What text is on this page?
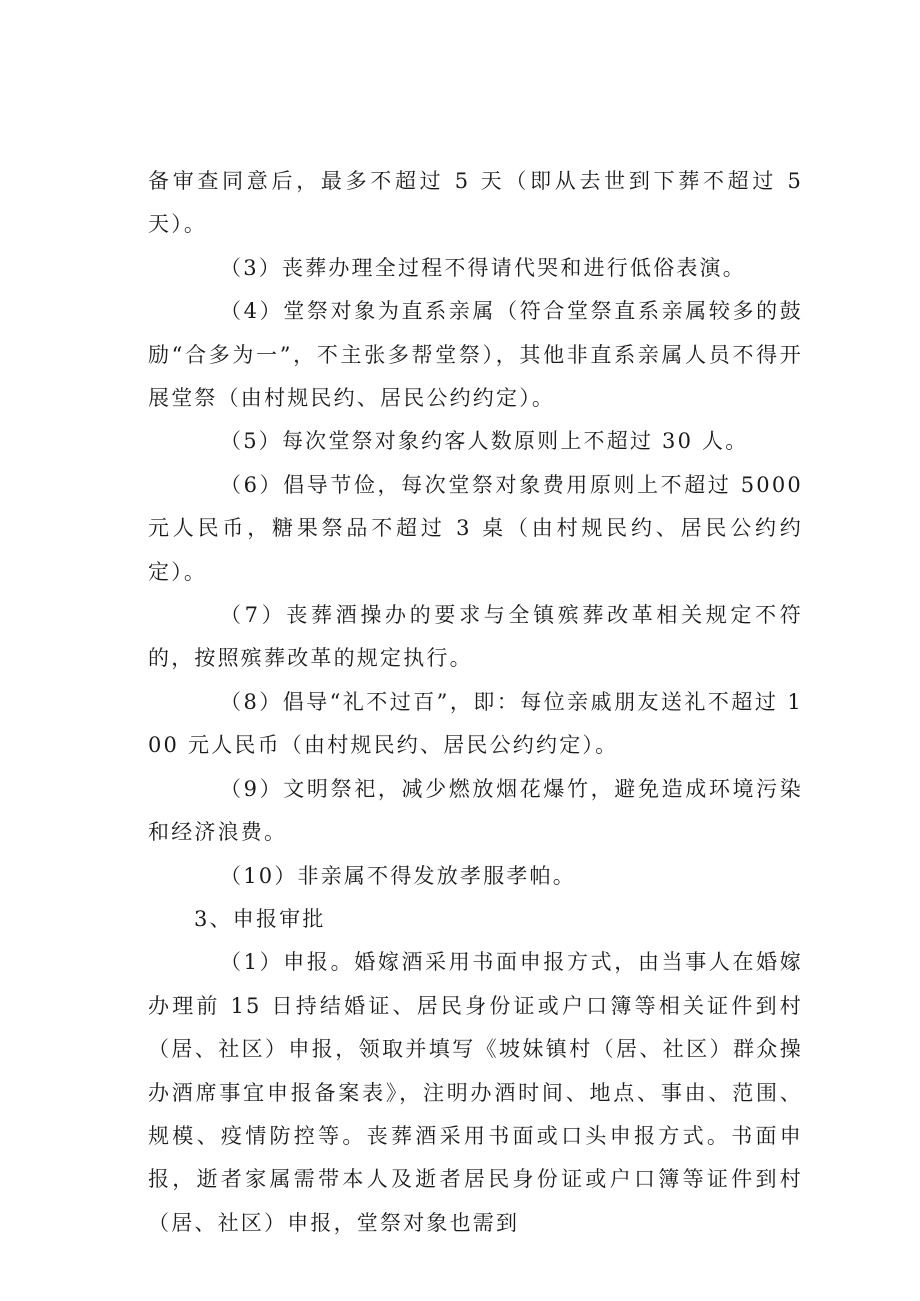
备审查同意后，最多不超过 5 天（即从去世到下葬不超过 5 天）。

（3）丧葬办理全过程不得请代哭和进行低俗表演。

（4）堂祭对象为直系亲属（符合堂祭直系亲属较多的鼓励“合多为一”，不主张多帮堂祭），其他非直系亲属人员不得开展堂祭（由村规民约、居民公约约定）。

（5）每次堂祭对象约客人数原则上不超过 30 人。

（6）倡导节俭，每次堂祭对象费用原则上不超过 5000 元人民币，糖果祭品不超过 3 桌（由村规民约、居民公约约定）。

（7）丧葬酒操办的要求与全镇殡葬改革相关规定不符的，按照殡葬改革的规定执行。

（8）倡导“礼不过百”，即：每位亲戚朋友送礼不超过 100 元人民币（由村规民约、居民公约约定）。

（9）文明祭祀，减少燃放烟花爆竹，避免造成环境污染和经济浪费。

（10）非亲属不得发放孝服孝帕。

3、申报审批

（1）申报。婚嫁酒采用书面申报方式，由当事人在婚嫁办理前 15 日持结婚证、居民身份证或户口簿等相关证件到村（居、社区）申报，领取并填写《坡妹镇村（居、社区）群众操办酒席事宜申报备案表》，注明办酒时间、地点、事由、范围、规模、疫情防控等。丧葬酒采用书面或口头申报方式。书面申报，逝者家属需带本人及逝者居民身份证或户口簿等证件到村（居、社区）申报，堂祭对象也需到
